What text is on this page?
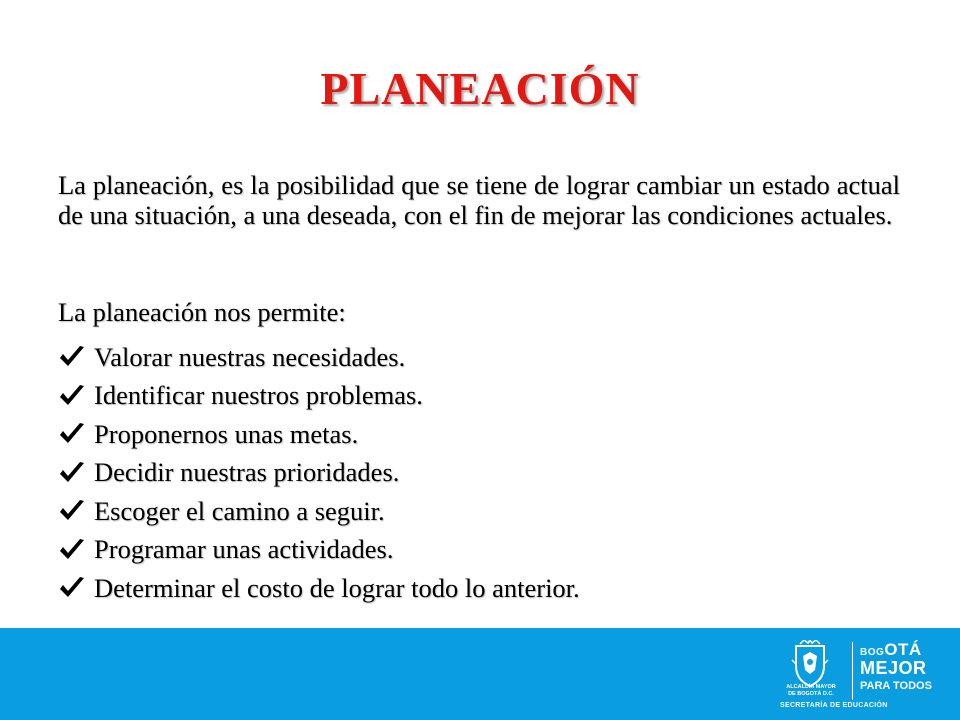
PLANEACIÓN

La planeación, es la posibilidad que se tiene de lograr cambiar un estado actual de una situación, a una deseada, con el fin de mejorar las condiciones actuales.

La planeación nos permite:

Valorar nuestras necesidades.
Identificar nuestros problemas.
Proponernos unas metas.
Decidir nuestras prioridades.
Escoger el camino a seguir.
Programar unas actividades.
Determinar el costo de lograr todo lo anterior.
ALCALDÍA MAYOR
DE BOGOTÁ D.C.
BOGOTÁ
MEJOR
PARA TODOS
SECRETARÍA DE EDUCACIÓN
